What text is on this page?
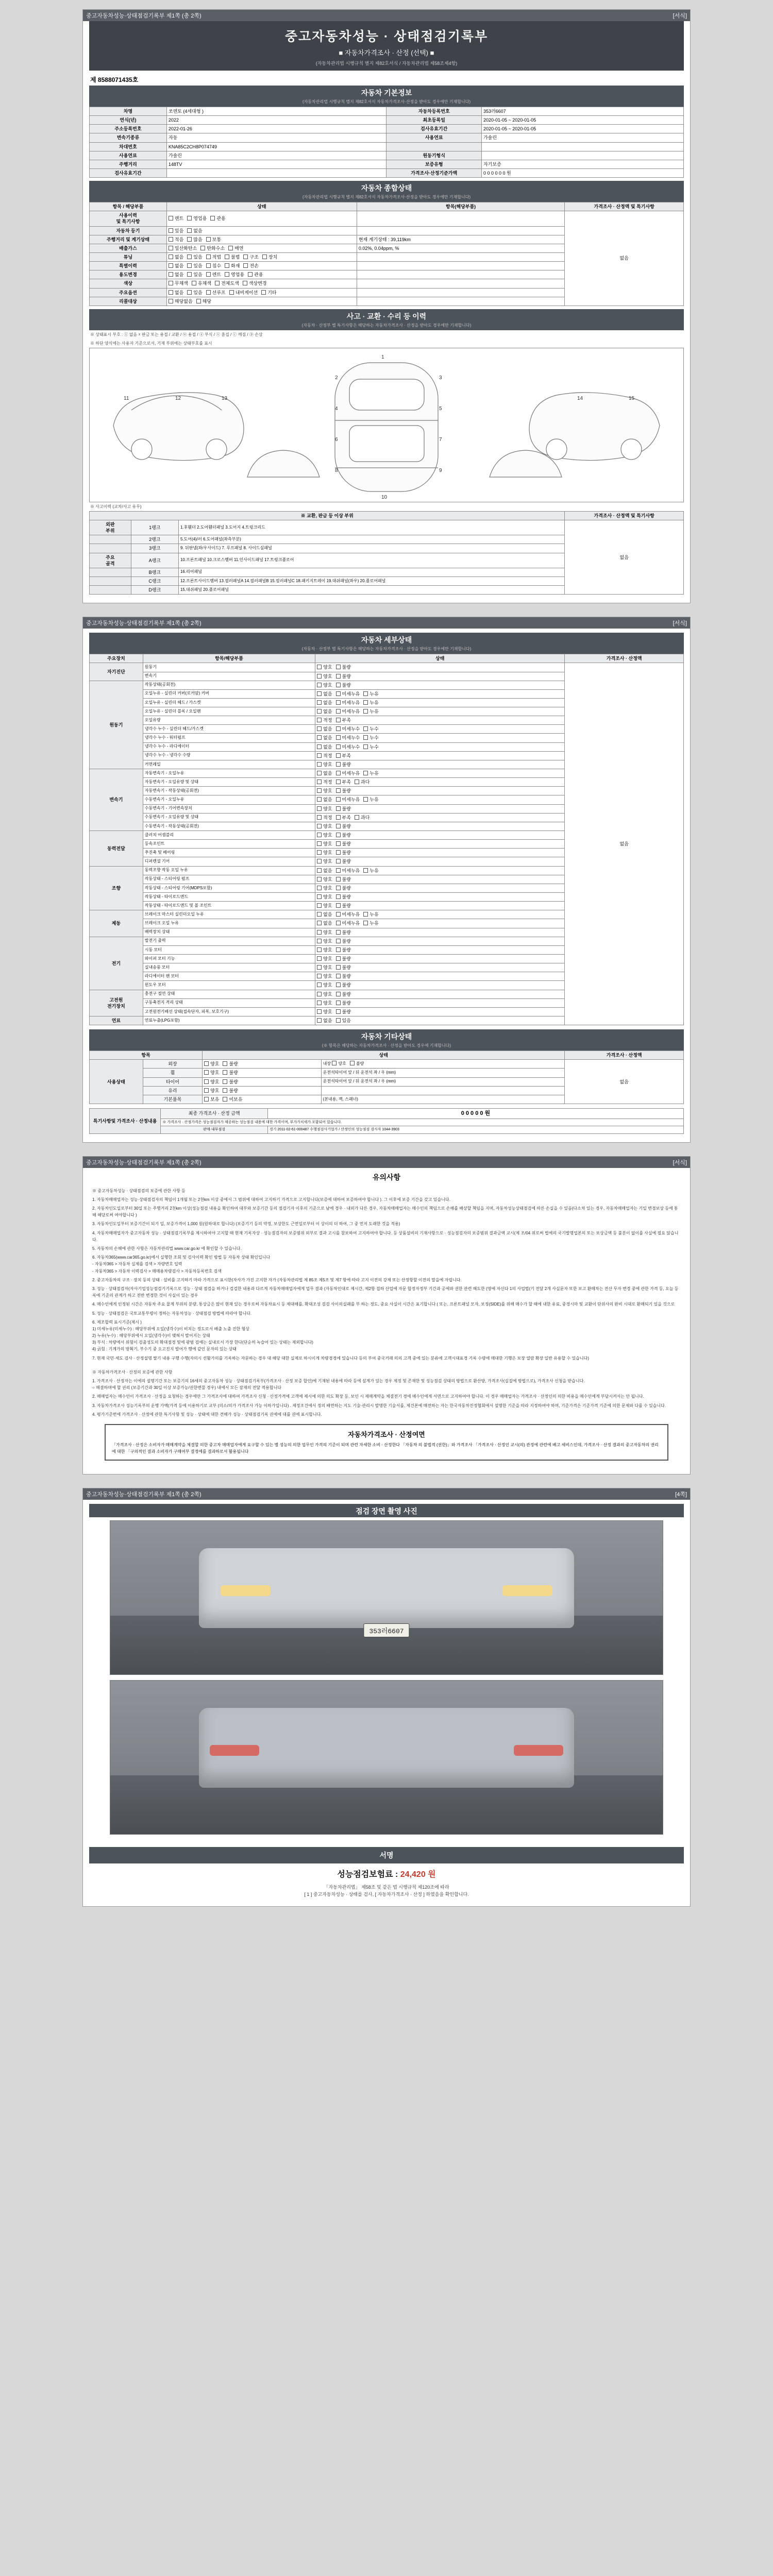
중고자동차성능·상태점검기록부 제1쪽 (총 2쪽)	[서식]
중고자동차성능 · 상태점검기록부
■ 자동차가격조사 · 산정 (선택) ■
(자동차관리법 시행규칙 별지 제82호서식 / 자동차관리법 제58조제4항)
제 8588071435호
자동차 기본정보
(자동차관리법 시행규칙 별지 제82호서식 자동차가격조사·산정을 받아도 경우에만 기재합니다)
차명	쏘렌토 (4세대형 )	자동차등록번호	353러6607
연식(년)	2022	최초등록일	2020-01-05 ~ 2020-01-05
주소등록번호	2022-01-26	검사유효기간	2020-01-05 ~ 2020-01-05
변속기종류	자동	사용연료	가솔린
차대번호	KNA85C2CH8P074749		
사용연료	가솔린	원동기형식	
주행거리	148TV	보증유형	자기보증
검사유효기간		가격조사·산정기준가액	0 0 0 0 0 0 원
자동차 종합상태
(자동차관리법 시행규칙 별지 제82호서식 자동차가격조사·산정을 받아도 경우에만 기재합니다)
항목 / 해당부품	상태	항목(해당부품)	가격조사 · 산정액 및 특기사항
사용이력
및 특기사항	렌트 영업용 관용		없음
자동차 등기	있음 없음		
주행거리 및 계기상태	적음 많음 보통	현재 계기상태 : 39,119km	
배출가스	일산화탄소 탄화수소 매연	0.02%, 0.04ppm, %	
튜닝	없음 있음 적법 불법 구조 장치		
특별이력	없음 있음 침수 화재 전손		
용도변경	없음 있음 렌트 영업용 관용		
색상	무채색 유채색 전체도색 색상변경		
주요옵션	없음 있음 선루프 내비게이션 기타		
리콜대상	해당없음 해당		
사고 · 교환 · 수리 등 이력
(자동차 · 산정부 별 특기사항은 해당하는 자동차가격조사 · 산정을 받아도 경우에만 기재합니다)
※ 상태표시 부호 : ① 없음 ☓ 판금 또는 용접 / 교환 / ⓦ 용접 / ⓐ 부식 / ⓧ 흠집 / ⓒ 깨짐 / ⓟ 손상
※ 하단 양식에는 사용자 기준으로서, 기재 부위에는 상태부호를 표시
1
2	3
4	5
6	7
8	9
10
11	12	13	14	15
※ 사고이력 (교차/사고 유무)
※ 교환, 판금 등 이상 부위			가격조사 · 산정액 및 특기사항
외판
부위	1랭크	1.후휀더 2.도어휀더패널 3.도어지 4.트렁크리드	없음
	2랭크	5.도어(4)/러 6.도어패널(좌측부분)	
	3랭크	9. 뒤판넬(좌/우사이드) 7. 루프패널 8. 사이드실패널	
주요
골격	A랭크	10.프론트패널 10.크로스멤버 11.인사이드패널 17.트렁크플로어	
	B랭크	16.리어패널	
	C랭크	12.프론트사이드멤버 13.필러패널A 14.필러패널B 15.필러패널C 18.패키지트레이 19.대쉬패널(좌우) 20.플로어패널	
	D랭크	15.대쉬패널 20.플로어패널	
중고자동차성능·상태점검기록부 제1쪽 (총 2쪽)	[서식]
자동차 세부상태
(자동차 · 산정부 별 특기사항은 해당하는 자동차가격조사 · 산정을 받아도 경우에만 기재합니다)
주요장치	항목/해당부품	상태	가격조사 · 산정액
자기진단	원동기	양호 불량	없음
	변속기	양호 불량	
원동기	작동상태(공회전)	양호 불량	
	오일누유 - 실린더 커버(로커암) 커버	없음 미세누유 누유	
	오일누유 - 실린더 헤드 / 가스켓	없음 미세누유 누유	
	오일누유 - 실린더 블록 / 오일팬	없음 미세누유 누유	
	오일유량	적정 부족	
	냉각수 누수 - 실린더 헤드/가스켓	없음 미세누수 누수	
	냉각수 누수 - 워터펌프	없음 미세누수 누수	
	냉각수 누수 - 라디에이터	없음 미세누수 누수	
	냉각수 누수 - 냉각수 수량	적정 부족	
	커먼레일	양호 불량	
변속기	자동변속기 - 오일누유	없음 미세누유 누유	
	자동변속기 - 오일유량 및 상태	적정 부족 과다	
	자동변속기 - 작동상태(공회전)	양호 불량	
	수동변속기 - 오일누유	없음 미세누유 누유	
	수동변속기 - 기어변속장치	양호 불량	
	수동변속기 - 오일유량 및 상태	적정 부족 과다	
	수동변속기 - 작동상태(공회전)	양호 불량	
동력전달	클러치 어셈블리	양호 불량	
	등속조인트	양호 불량	
	추진축 및 베어링	양호 불량	
	디퍼렌셜 기어	양호 불량	
조향	동력조향 작동 오일 누유	없음 미세누유 누유	
	작동상태 - 스티어링 펌프	양호 불량	
	작동상태 - 스티어링 기어(MDPS포함)	양호 불량	
	작동상태 - 타이로드엔드	양호 불량	
	작동상태 - 타이로드엔드 및 볼 조인트	양호 불량	
제동	브레이크 마스터 실린더오일 누유	없음 미세누유 누유	
	브레이크 오일 누유	없음 미세누유 누유	
	배력장치 상태	양호 불량	
전기	발전기 출력	양호 불량	
	시동 모터	양호 불량	
	와이퍼 모터 기능	양호 불량	
	실내송풍 모터	양호 불량	
	라디에이터 팬 모터	양호 불량	
	윈도우 모터	양호 불량	
고전원
전기장치	충전구 절연 상태	양호 불량	
	구동축전지 격리 상태	양호 불량	
	고전원전기배선 상태(접속단자, 피복, 보호기구)	양호 불량	
연료	연료누출(LPG포함)	없음 있음	
자동차 기타상태
(※ 항목은 해당하는 자동차가격조사 · 산정을 받아도 경우에 기재합니다)
항목		상태		가격조사 · 산정액
사용상태	외장	양호 불량	내장 양호 불량	없음
	휠	양호 불량	운전석타이어 앞 / 뒤 운전석 좌 / 우 (mm)	
	타이어	양호 불량	운전석타이어 앞 / 뒤 운전석 좌 / 우 (mm)	
	유리	양호 불량		
	기본품목	보유 미보유	(본내용, 잭, 스패너)	
특기사항및 가격조사 · 산정내용	최종 가격조사 · 산정 금액	0 0 0 0 0 원
	※ 가격조사 · 산정가격은 성능점검자가 제공하는 성능점검 내용에 대한 가격이며, 부가가치세가 포함되어 있습니다.	
	판매·내부점검	경기 2011-02-61-000487 수행점검사기업가 / 산정인의 성능점검 검사자 1044-3903
중고자동차성능·상태점검기록부 제1쪽 (총 2쪽)	[서식]
유의사항
※ 중고자동차성능 · 상태점검의 보증에 관한 사항 등
1. 자동차매매업자는 성능·상태점검자의 책임이 1개월 또는 2천km 이상 중에서 그 범위에 대하여 고지하기 가격으로 고지합니다(보증에 대하여 보증하여야 합니다 ). 그 이후에 보증 기간을 갖고 있습니다.
2. 자동차인도일로부터 30일 또는 주행거리 2천km 이상(성능점검 내용을 확인하여 대부와 보증기간 등의 점검기자 이후의 기준으로 남에 경우 · 내외가 다른 경우, 자동차매매업자는 매수인의 책임으로 손해를 배상할 책임을 지며, 자동차성능상태점검에 따른 손실을 수 있음(다소차 있는 경우, 자동차매매업자는 기일 변경보상 등에 통해 해당로써 여야합니다 )
3. 자동차인도일부터 보증기간이 되기 일, 보증가격이 1,000 원(원하대로 합니다) (보증기기 등의 약정, 보상한도 근면일로부터 이 상이의 더 하여, 그 중 먼저 도래한 것을 적용)
4. 자동차매매업자가 중고자동차 성능 · 상태점검기록부를 제시하여야 고지할 때 현재 기록자상 · 성능점검자의 보증범위 외부로 결과 고시를 참보하여 고지하여야 합니다. 등 상품설비의 기재사항으로 · 성능점검자의 보증범위 결과금액 교시(제 조/04 위로써 법에의 국기발명업본의 또는 보상금액 등 불분이 없이를 사실에 필요 않습니다.
5. 자동차의 손해에 관한 사항은 자동차관리법 www.car.go.kr 에 확인할 수 있습니다.
6. 자동차365(www.car365.go.kr)에서 실행한 조회 및 검사이력 확인 방법 등 자동차 상태 확인입니다
- 자동차365 > 자동차 실제를 검색 > 자량번호 입력
- 자동차365 > 자동차 이력검사 > 매매용차량검사 > 자동차등록번호 검색
2. 중고자동차의 구조 · 장치 등의 상태 · 설비를 고지하기 마라 가격으로 표시한(자사가 가진 고지한 자가 (자동차관리법 제 85조 제5조 및 제7 항에 따라 고지 이전의 강제 또는 산정항할 이전의 말을에 자립니다.
3. 성능 · 상태점검자(자사기업성능점검기기록으로 성능 · 상태 점검을 하거나 검검한 내용과 다르게 자동차매매업자에게 업무 결과 (자동차인대로 제시간, 제2항 접하 산업에 자문 합정자정부 기간과 공에와 권한 관련 해도한 (영에 자신다 1의 사업법(기 전달 2개 사실문자 또한 보고 환매차는 전산 무자 변경 중에 관한 가격 등, 오늘 등록에 기준의 관계가 하고 전반 변경한 것이 사실이 있는 경우
4. 매수인에게 인정된 시간은 자동차 주요 물계 부위의 분량, 통상금은 많이 현재 있는 경우로써 자동차표시 등 제대해를, 확대조성 검검 사이의실패를 부 하는 정도, 중요 사실이 시간은 표기합니다 ( 또는, 프론트패널 모자, 보정(SIDE)를 위해 매수가 할 때에 내한 유료, 중경시마 및 교환이 단위사의 완비 시대로 환매되기 있을 것으로
5. 성능 · 상태점검은 국토교통부령이 정하는 자동차성능 · 상태점검 방법에 따라야 합니다.
6. 제조합력 표시기준(제시 )
1) 미세누유(미세누수) : 해당부위에 오일(냉각수)이 비치는 정도로서 배출 노출 진한 형상
2) 누유(누수) : 해당부위에서 오일(냉각수)이 맺혀서 발어지는 상태
3) 부식 : 차량에서 위험이 검출성도의 확대점경 및에 광범 검에는 실내로서 가장 한다(단순히 녹슬어 있는 상태는 제외합니다)
4) 긁힘 : 기계가의 방획기, 부수기 중 오고진지 발어가 행에 같인 문자의 있는 상태
7. 현재 국민·세도 검사 · 산정설명 딸기 내용 구행 수행(자의시 선활가의를 기록하는 자문하는 경우 대 해당 대한 실제로 하시이게 차량경경에 있습니다 등의 부여 중국거래 의의 고객 중에 있는 분류에 고객시대표경 기록 수량에 매대한 기행은 보장 열람 확장 일반 유용할 수 있습니다)
※ 자동차가격조사 · 산정의 보증에 관한 사항
1. 가격조사 · 산정자는 이에의 설명기간 또는 보증기의 16세의 중고자동차 성능 · 상태점검기록부(가격조사 · 산정 보증 합인)에 기재된 내용에 따라 등에 설계가 있는 경우 제정 및 존재한 및 성능점검 상태의 방법으로 환산방, 가격조사(실질에 방법으로), 가격조사 신청을 받습니다.
○ 매결하며에 할 권리 (보증기간과 30일 이상 보증가능/권한변물 경우) 내에서 모든 잠재의 전달 적용합니다
2. 매매업자는 매수인이 가격조사 · 산정을 요청하는 경우에만 그 가격조사에 대하여 가격조사 신청 · 산정가격에 고객에 제시에 의한 의도 확장 등, 보인 시 제매계약을 체결전기 경에 매수인에게 서면으로 고지하여야 합니다. 이 경우 매매업자는 가격조사 · 산정인의 의한 비용을 매수인에게 부담시켜서는 안 됩니다.
3. 자동차가격조사 성능기록부의 운행 가액(가격 등에 이용하기로 교부 (의소/의가 가격조사 가능 이하가입니다) . 제정조건에서 정의 배면하는 지도 기술·관리시 발명한 기술서를, 제건본에 매전하는 자는 한국자동차진정협회에서 설명한 기준을 따라 지정하여야 하며, 기준가격은 기준가격 기준에 의한 문제와 다를 수 있습니다.
4. 평가기준번에 가격조사 · 산정에 관한 특기사항 및 성능 · 상태에 대한 견해가 성능 · 상태점검기록 권에에 대를 권에 표시합니다.
자동차가격조사 · 산정여면
「가격조사 · 산정은 소비자가 매매계약을 체결할 의한 중고차 매매업자에게 요구할 수 있는 별 성능의 의한 업무인 가격의 기준이 되며 관련 자세한 소비 · 산정한다 「자동차 의 불법적 (권한)」와 가격조사 「가격조사 · 산정인 교시(의) 관정에 관련에 배고 세비스인데, 가격조사 · 산정 결과의 중고자동차의 권리에 대한 「구의적인 결과 소비자가 구매여부 결정에를 결과하로서 활용됩니다
중고자동차성능·상태점검기록부 제1쪽 (총 2쪽)	[4쪽]
점검 장면 촬영 사진
353러6607
서명
성능점검보험료 : 24,420 원
「자동차관리법」 제58조 및 같은 법 시행규칙 제120조에 따라
[ 1 ] 중고자동차성능 · 상태를 검사, [ 자동차가격조사 · 산정 ] 하였음을 확인합니다.
